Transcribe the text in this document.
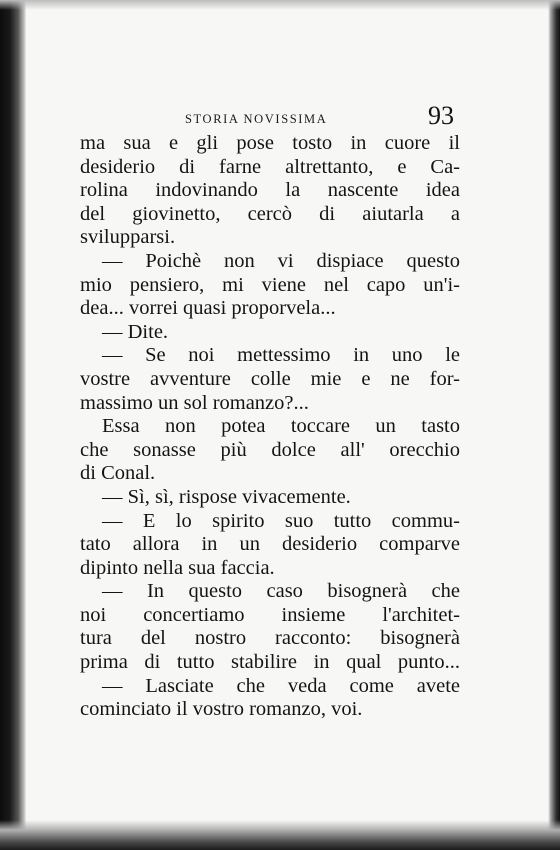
STORIA NOVISSIMA	93
ma sua e gli pose tosto in cuore il
desiderio di farne altrettanto, e Ca-
rolina indovinando la nascente idea
del giovinetto, cercò di aiutarla a
svilupparsi.
— Poichè non vi dispiace questo
mio pensiero, mi viene nel capo un'i-
dea... vorrei quasi proporvela...
— Dite.
— Se noi mettessimo in uno le
vostre avventure colle mie e ne for-
massimo un sol romanzo?...
Essa non potea toccare un tasto
che sonasse più dolce all' orecchio
di Conal.
— Sì, sì, rispose vivacemente.
— E lo spirito suo tutto commu-
tato allora in un desiderio comparve
dipinto nella sua faccia.
— In questo caso bisognerà che
noi concertiamo insieme l'architet-
tura del nostro racconto: bisognerà
prima di tutto stabilire in qual punto...
— Lasciate che veda come avete
cominciato il vostro romanzo, voi.
